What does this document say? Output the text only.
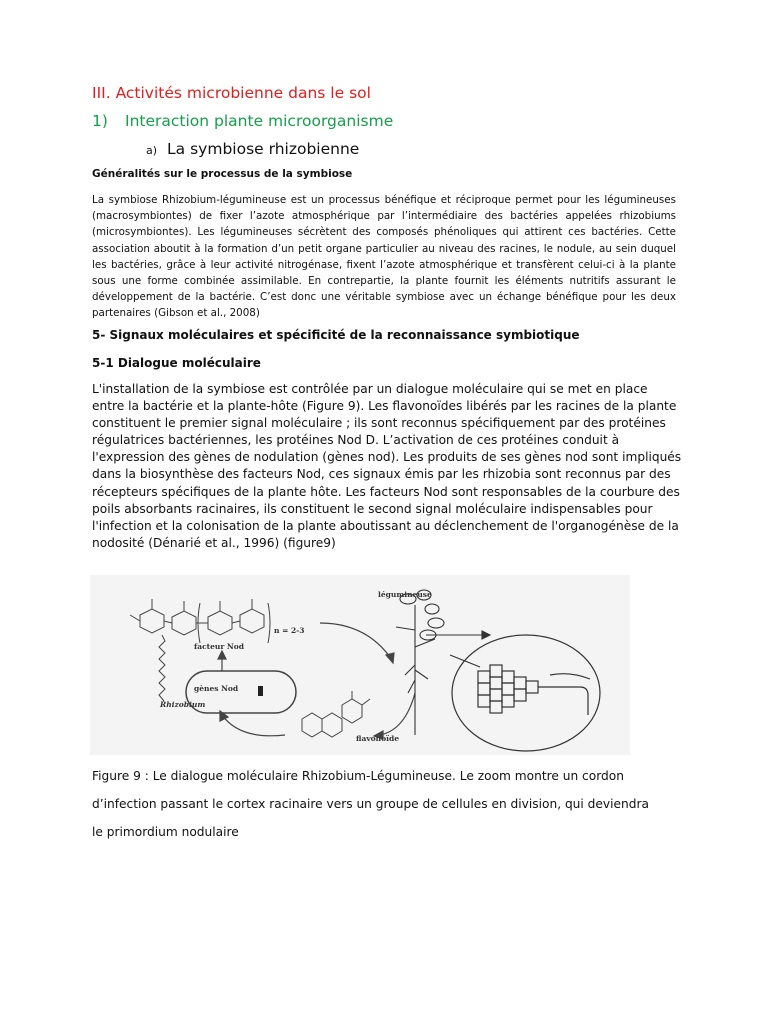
III. Activités microbienne dans le sol
1) Interaction plante microorganisme
a) La symbiose rhizobienne
Généralités sur le processus de la symbiose
La symbiose Rhizobium-légumineuse est un processus bénéfique et réciproque permet pour les légumineuses (macrosymbiontes) de fixer l’azote atmosphérique par l’intermédiaire des bactéries appelées rhizobiums (microsymbiontes). Les légumineuses sécrètent des composés phénoliques qui attirent ces bactéries. Cette association aboutit à la formation d’un petit organe particulier au niveau des racines, le nodule, au sein duquel les bactéries, grâce à leur activité nitrogénase, fixent l’azote atmosphérique et transfèrent celui-ci à la plante sous une forme combinée assimilable. En contrepartie, la plante fournit les éléments nutritifs assurant le développement de la bactérie. C’est donc une véritable symbiose avec un échange bénéfique pour les deux partenaires (Gibson et al., 2008)
5- Signaux moléculaires et spécificité de la reconnaissance symbiotique
5-1 Dialogue moléculaire
L'installation de la symbiose est contrôlée par un dialogue moléculaire qui se met en place entre la bactérie et la plante-hôte (Figure 9). Les flavonoïdes libérés par les racines de la plante constituent le premier signal moléculaire ; ils sont reconnus spécifiquement par des protéines régulatrices bactériennes, les protéines Nod D. L’activation de ces protéines conduit à l'expression des gènes de nodulation (gènes nod). Les produits de ses gènes nod sont impliqués dans la biosynthèse des facteurs Nod, ces signaux émis par les rhizobia sont reconnus par des récepteurs spécifiques de la plante hôte. Les facteurs Nod sont responsables de la courbure des poils absorbants racinaires, ils constituent le second signal moléculaire indispensables pour l'infection et la colonisation de la plante aboutissant au déclenchement de l'organogénèse de la nodosité (Dénarié et al., 1996) (figure9)
n = 2-3
facteur Nod
gènes Nod
Rhizobium
légumineuse
flavonoïde
Figure 9 : Le dialogue moléculaire Rhizobium-Légumineuse. Le zoom montre un cordon d’infection passant le cortex racinaire vers un groupe de cellules en division, qui deviendra le primordium nodulaire
